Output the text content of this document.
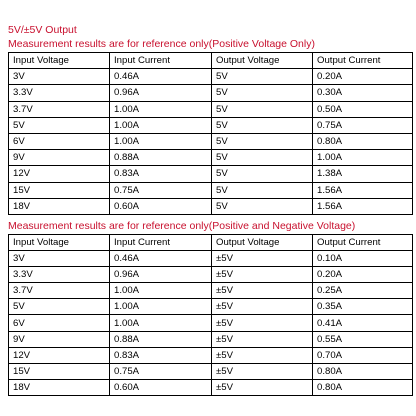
5V/±5V Output
Measurement results are for reference only(Positive Voltage Only)
Input Voltage	Input Current	Output Voltage	Output Current
3V	0.46A	5V	0.20A
3.3V	0.96A	5V	0.30A
3.7V	1.00A	5V	0.50A
5V	1.00A	5V	0.75A
6V	1.00A	5V	0.80A
9V	0.88A	5V	1.00A
12V	0.83A	5V	1.38A
15V	0.75A	5V	1.56A
18V	0.60A	5V	1.56A
Measurement results are for reference only(Positive and Negative Voltage)
Input Voltage	Input Current	Output Voltage	Output Current
3V	0.46A	±5V	0.10A
3.3V	0.96A	±5V	0.20A
3.7V	1.00A	±5V	0.25A
5V	1.00A	±5V	0.35A
6V	1.00A	±5V	0.41A
9V	0.88A	±5V	0.55A
12V	0.83A	±5V	0.70A
15V	0.75A	±5V	0.80A
18V	0.60A	±5V	0.80A
